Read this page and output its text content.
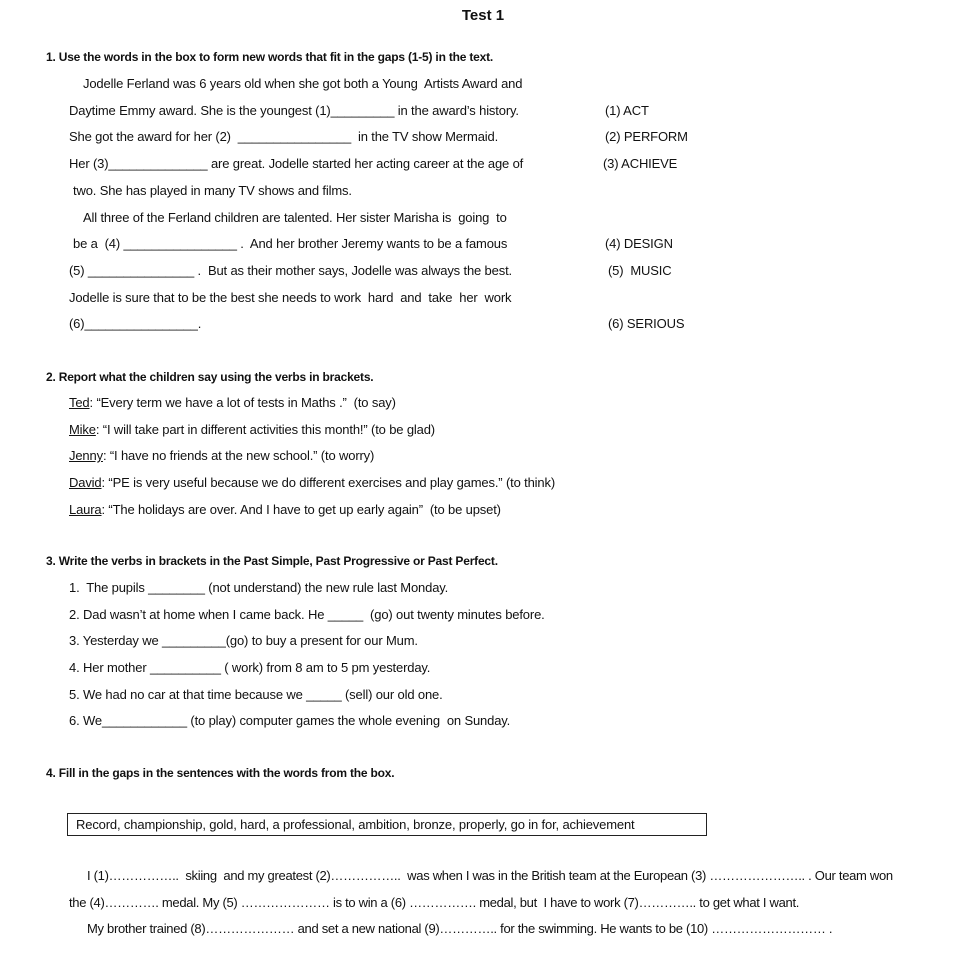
Test 1
1. Use the words in the box to form new words that fit in the gaps (1-5) in the text.
Jodelle Ferland was 6 years old when she got both a Young  Artists Award and
Daytime Emmy award. She is the youngest (1)_________ in the award’s history.
She got the award for her (2)  ________________  in the TV show Mermaid.
Her (3)______________ are great. Jodelle started her acting career at the age of
two. She has played in many TV shows and films.
All three of the Ferland children are talented. Her sister Marisha is  going  to
be a  (4) ________________ .  And her brother Jeremy wants to be a famous
(5) _______________ .  But as their mother says, Jodelle was always the best.
Jodelle is sure that to be the best she needs to work  hard  and  take  her  work
(6)________________.
(1) ACT
(2) PERFORM
(3) ACHIEVE
(4) DESIGN
(5)  MUSIC
(6) SERIOUS
2. Report what the children say using the verbs in brackets.
Ted: “Every term we have a lot of tests in Maths .”  (to say)
Mike: “I will take part in different activities this month!” (to be glad)
Jenny: “I have no friends at the new school.” (to worry)
David: “PE is very useful because we do different exercises and play games.” (to think)
Laura: “The holidays are over. And I have to get up early again”  (to be upset)
3. Write the verbs in brackets in the Past Simple, Past Progressive or Past Perfect.
1.  The pupils ________ (not understand) the new rule last Monday.
2. Dad wasn’t at home when I came back. He _____  (go) out twenty minutes before.
3. Yesterday we _________(go) to buy a present for our Mum.
4. Her mother __________ ( work) from 8 am to 5 pm yesterday.
5. We had no car at that time because we _____ (sell) our old one.
6. We____________ (to play) computer games the whole evening  on Sunday.
4. Fill in the gaps in the sentences with the words from the box.
Record, championship, gold, hard, a professional, ambition, bronze, properly, go in for, achievement
I (1)……………..  skiing  and my greatest (2)……………..  was when I was in the British team at the European (3) ………………….. . Our team won
the (4)…………. medal. My (5) ………………… is to win a (6) ……………. medal, but  I have to work (7)………….. to get what I want.
My brother trained (8)………………… and set a new national (9)………….. for the swimming. He wants to be (10) ……………………… .
